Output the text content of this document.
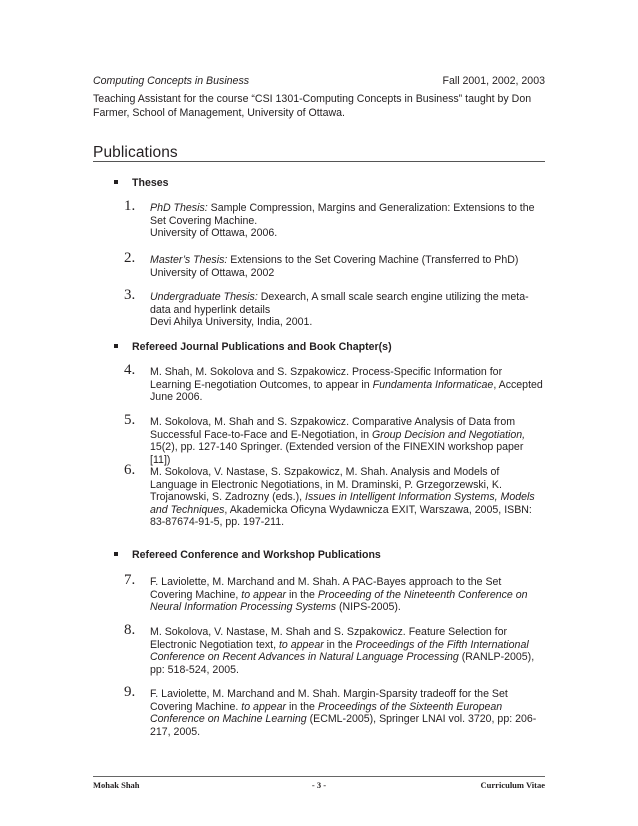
Computing Concepts in Business	Fall 2001, 2002, 2003
Teaching Assistant for the course “CSI 1301-Computing Concepts in Business” taught by Don Farmer, School of Management, University of Ottawa.
Publications
Theses
1. PhD Thesis: Sample Compression, Margins and Generalization: Extensions to the Set Covering Machine.
University of Ottawa, 2006.
2. Master’s Thesis: Extensions to the Set Covering Machine (Transferred to PhD)
University of Ottawa, 2002
3. Undergraduate Thesis: Dexearch, A small scale search engine utilizing the meta-data and hyperlink details
Devi Ahilya University, India, 2001.
Refereed Journal Publications and Book Chapter(s)
4. M. Shah, M. Sokolova and S. Szpakowicz. Process-Specific Information for Learning E-negotiation Outcomes, to appear in Fundamenta Informaticae, Accepted June 2006.
5. M. Sokolova, M. Shah and S. Szpakowicz. Comparative Analysis of Data from Successful Face-to-Face and E-Negotiation, in Group Decision and Negotiation, 15(2), pp. 127-140 Springer. (Extended version of the FINEXIN workshop paper [11])
6. M. Sokolova, V. Nastase, S. Szpakowicz, M. Shah. Analysis and Models of Language in Electronic Negotiations, in M. Draminski, P. Grzegorzewski, K. Trojanowski, S. Zadrozny (eds.), Issues in Intelligent Information Systems, Models and Techniques, Akademicka Oficyna Wydawnicza EXIT, Warszawa, 2005, ISBN: 83-87674-91-5, pp. 197-211.
Refereed Conference and Workshop Publications
7. F. Laviolette, M. Marchand and M. Shah. A PAC-Bayes approach to the Set Covering Machine, to appear in the Proceeding of the Nineteenth Conference on Neural Information Processing Systems (NIPS-2005).
8. M. Sokolova, V. Nastase, M. Shah and S. Szpakowicz. Feature Selection for Electronic Negotiation text, to appear in the Proceedings of the Fifth International Conference on Recent Advances in Natural Language Processing (RANLP-2005), pp: 518-524, 2005.
9. F. Laviolette, M. Marchand and M. Shah. Margin-Sparsity tradeoff for the Set Covering Machine. to appear in the Proceedings of the Sixteenth European Conference on Machine Learning (ECML-2005), Springer LNAI vol. 3720, pp: 206-217, 2005.
Mohak Shah	- 3 -	Curriculum Vitae
